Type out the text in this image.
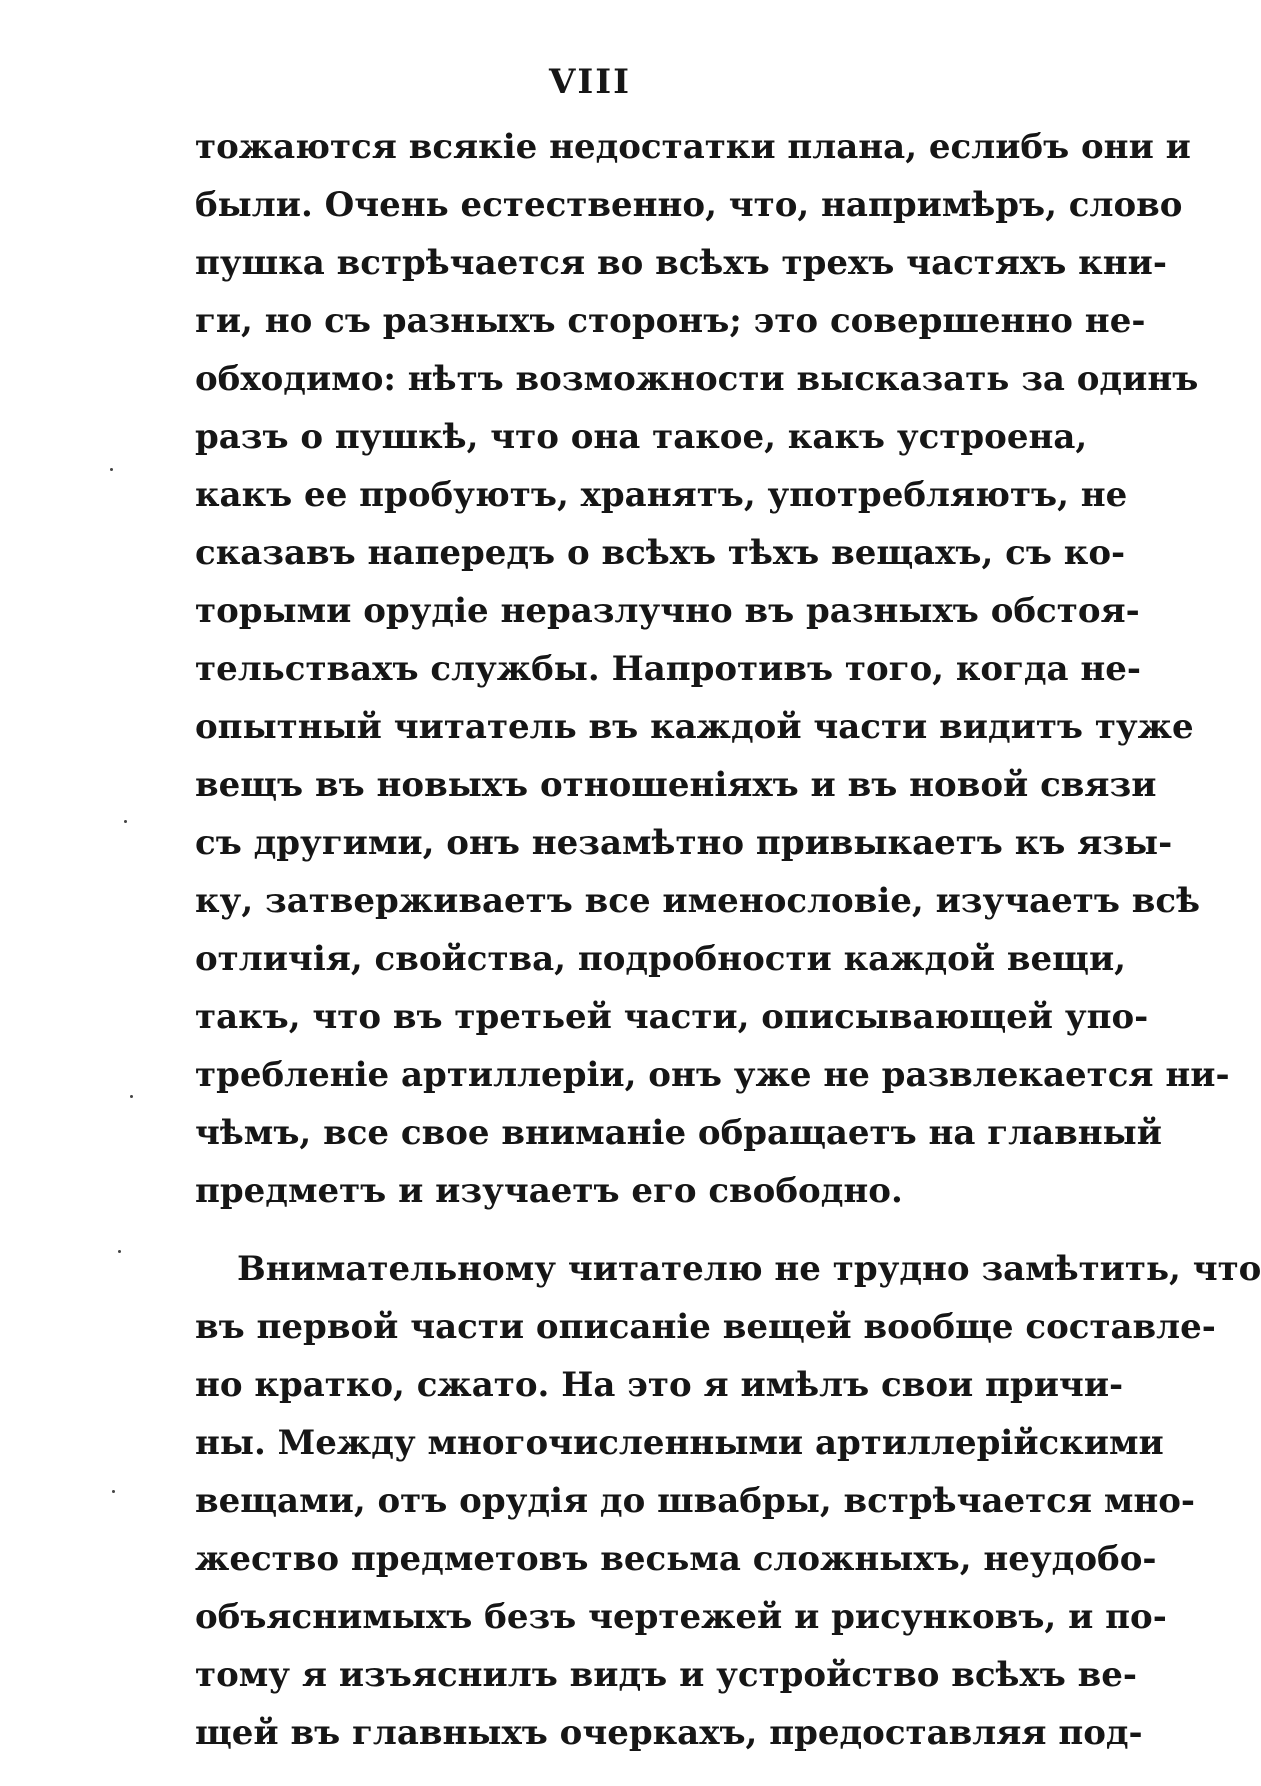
VIII
тожаются всякіе недостатки плана, еслибъ они и
были. Очень естественно, что, напримѣръ, слово
пушка встрѣчается во всѣхъ трехъ частяхъ кни-
ги, но съ разныхъ сторонъ; это совершенно не-
обходимо: нѣтъ возможности высказать за одинъ
разъ о пушкѣ, что она такое, какъ устроена,
какъ ее пробуютъ, хранятъ, употребляютъ, не
сказавъ напередъ о всѣхъ тѣхъ вещахъ, съ ко-
торыми орудіе неразлучно въ разныхъ обстоя-
тельствахъ службы. Напротивъ того, когда не-
опытный читатель въ каждой части видитъ туже
вещъ въ новыхъ отношеніяхъ и въ новой связи
съ другими, онъ незамѣтно привыкаетъ къ язы-
ку, затверживаетъ все именословіе, изучаетъ всѣ
отличія, свойства, подробности каждой вещи,
такъ, что въ третьей части, описывающей упо-
требленіе артиллеріи, онъ уже не развлекается ни-
чѣмъ, все свое вниманіе обращаетъ на главный
предметъ и изучаетъ его свободно.
Внимательному читателю не трудно замѣтить, что
въ первой части описаніе вещей вообще составле-
но кратко, сжато. На это я имѣлъ свои причи-
ны. Между многочисленными артиллерійскими
вещами, отъ орудія до швабры, встрѣчается мно-
жество предметовъ весьма сложныхъ, неудобо-
объяснимыхъ безъ чертежей и рисунковъ, и по-
тому я изъяснилъ видъ и устройство всѣхъ ве-
щей въ главныхъ очеркахъ, предоставляя под-
